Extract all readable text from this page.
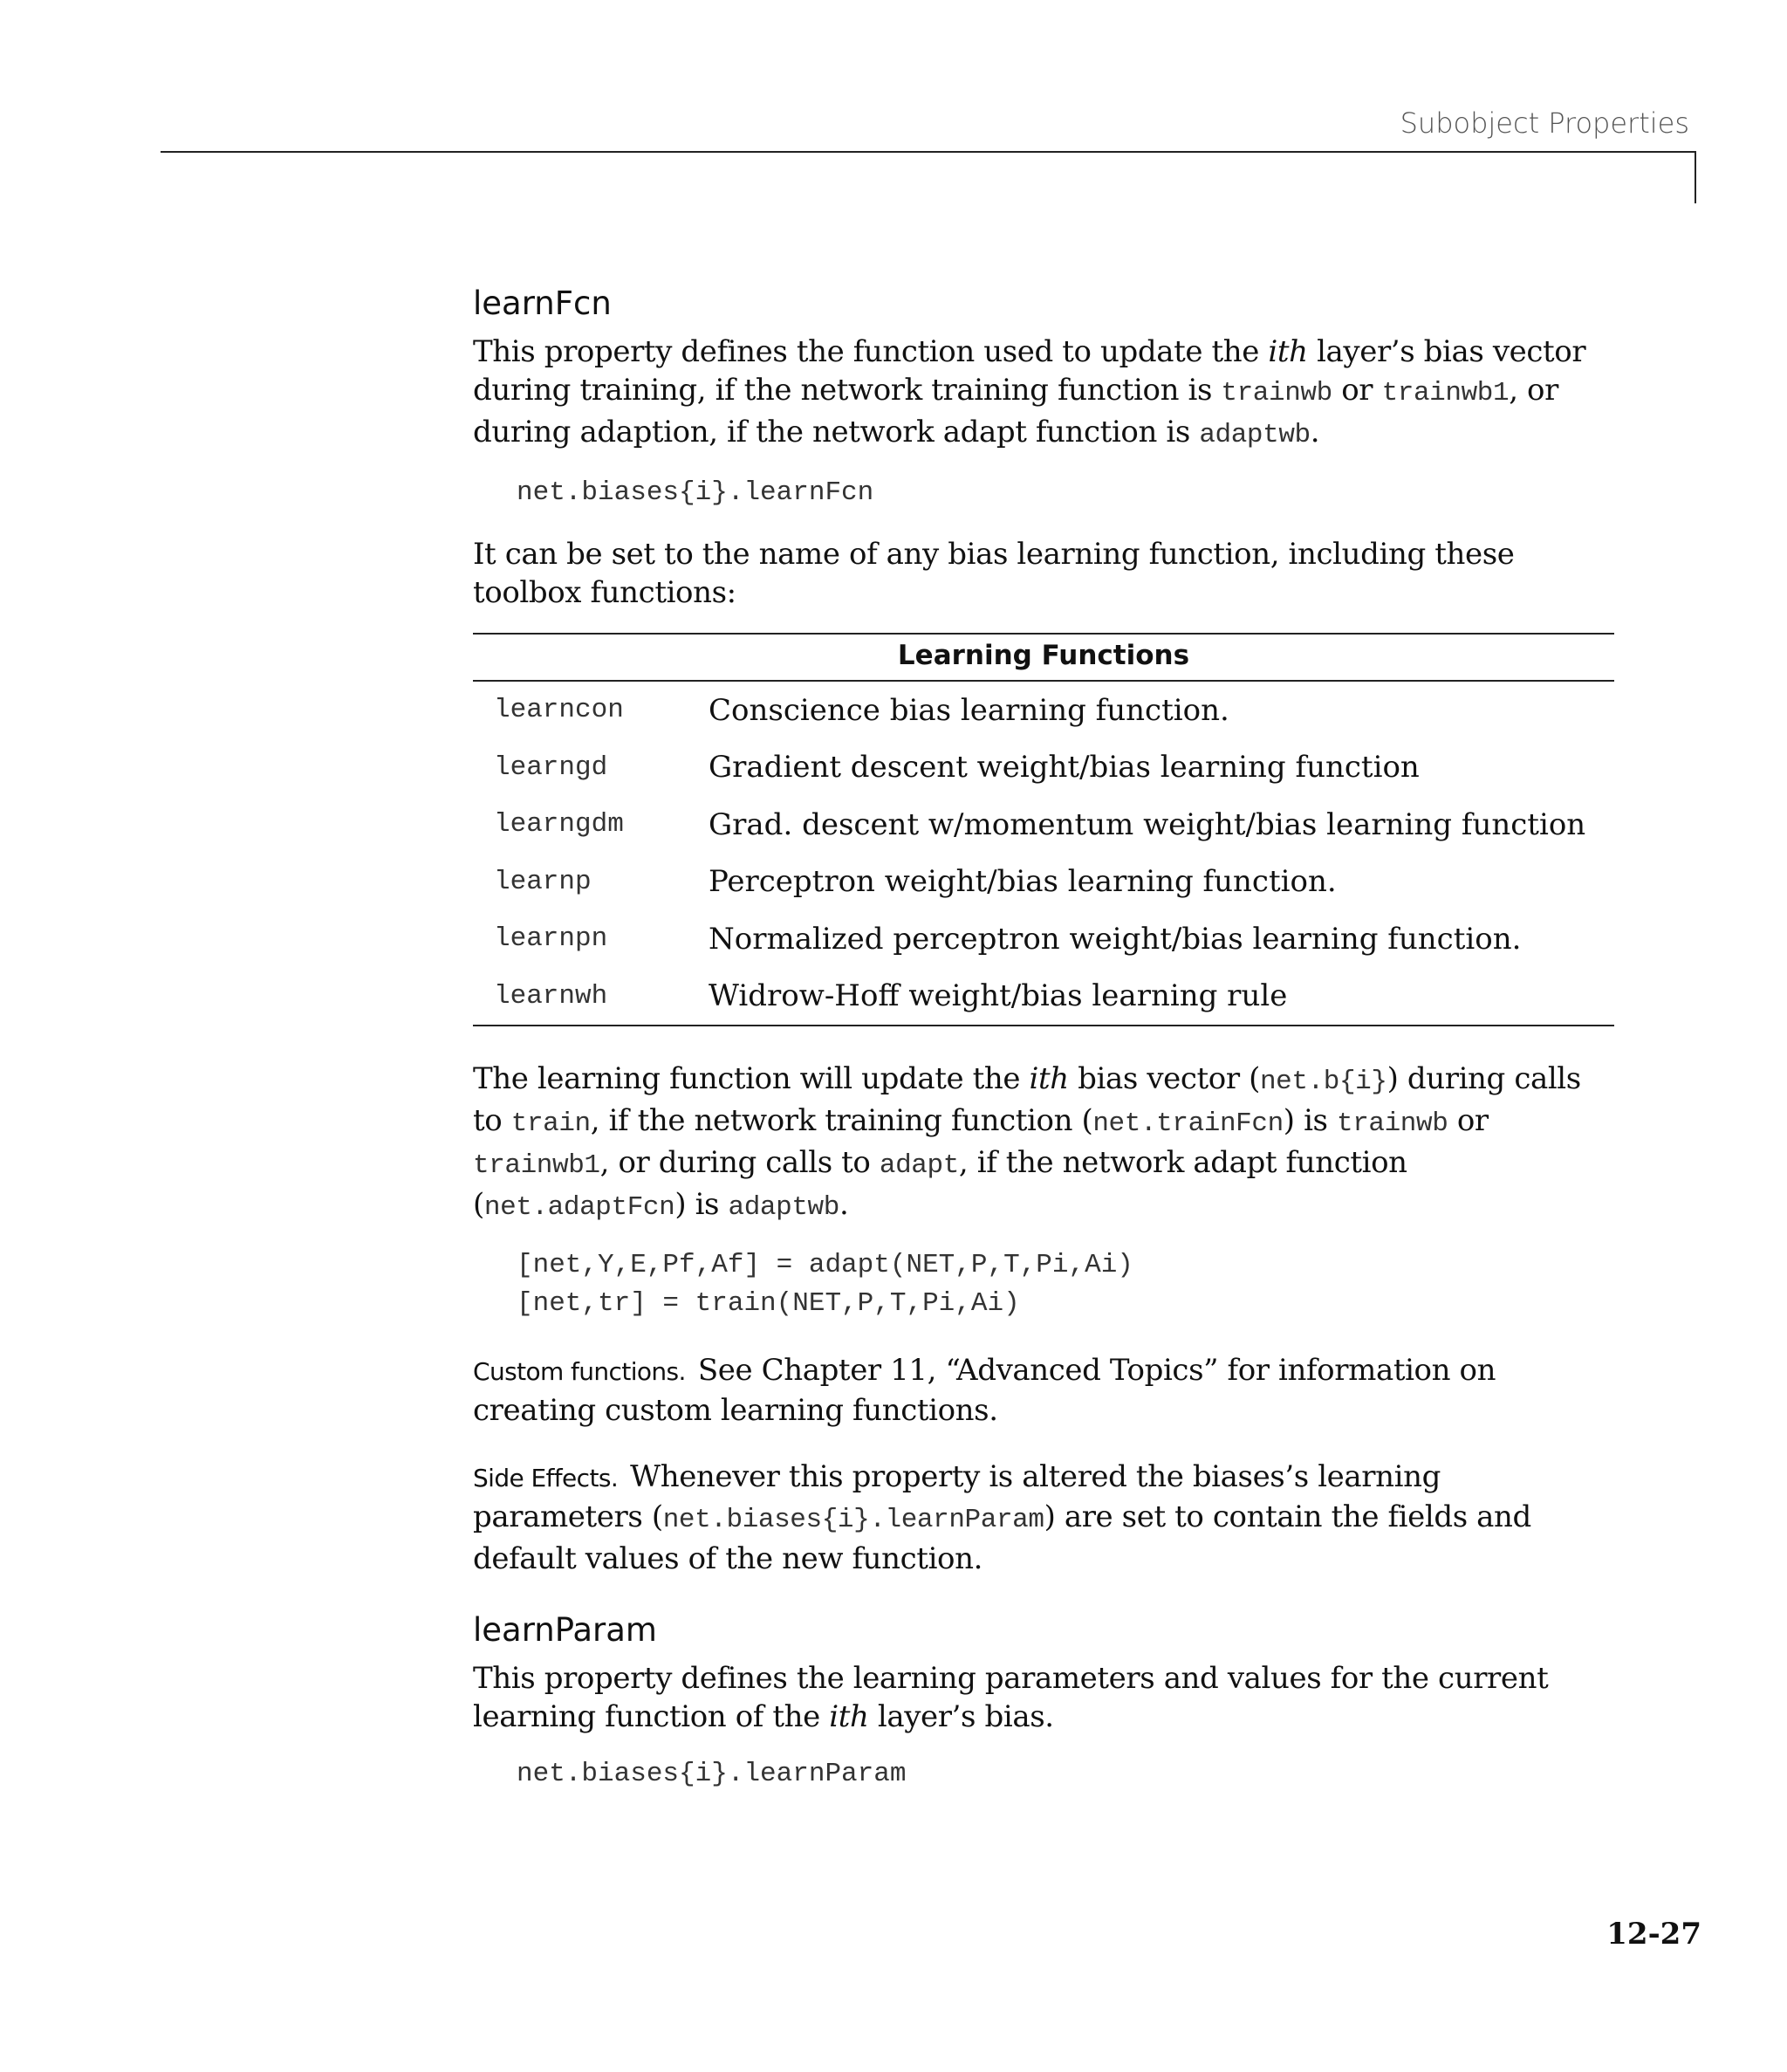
Subobject Properties
learnFcn

This property defines the function used to update the ith layer’s bias vector during training, if the network training function is trainwb or trainwb1, or during adaption, if the network adapt function is adaptwb.

net.biases{i}.learnFcn

It can be set to the name of any bias learning function, including these toolbox functions:

Learning Functions	
learncon	Conscience bias learning function.
learngd	Gradient descent weight/bias learning function
learngdm	Grad. descent w/momentum weight/bias learning function
learnp	Perceptron weight/bias learning function.
learnpn	Normalized perceptron weight/bias learning function.
learnwh	Widrow-Hoff weight/bias learning rule

The learning function will update the ith bias vector (net.b{i}) during calls to train, if the network training function (net.trainFcn) is trainwb or trainwb1, or during calls to adapt, if the network adapt function (net.adaptFcn) is adaptwb.

[net,Y,E,Pf,Af] = adapt(NET,P,T,Pi,Ai)
[net,tr] = train(NET,P,T,Pi,Ai)

Custom functions. See Chapter 11, “Advanced Topics” for information on creating custom learning functions.

Side Effects. Whenever this property is altered the biases’s learning parameters (net.biases{i}.learnParam) are set to contain the fields and default values of the new function.

learnParam

This property defines the learning parameters and values for the current learning function of the ith layer’s bias.

net.biases{i}.learnParam
12-27
